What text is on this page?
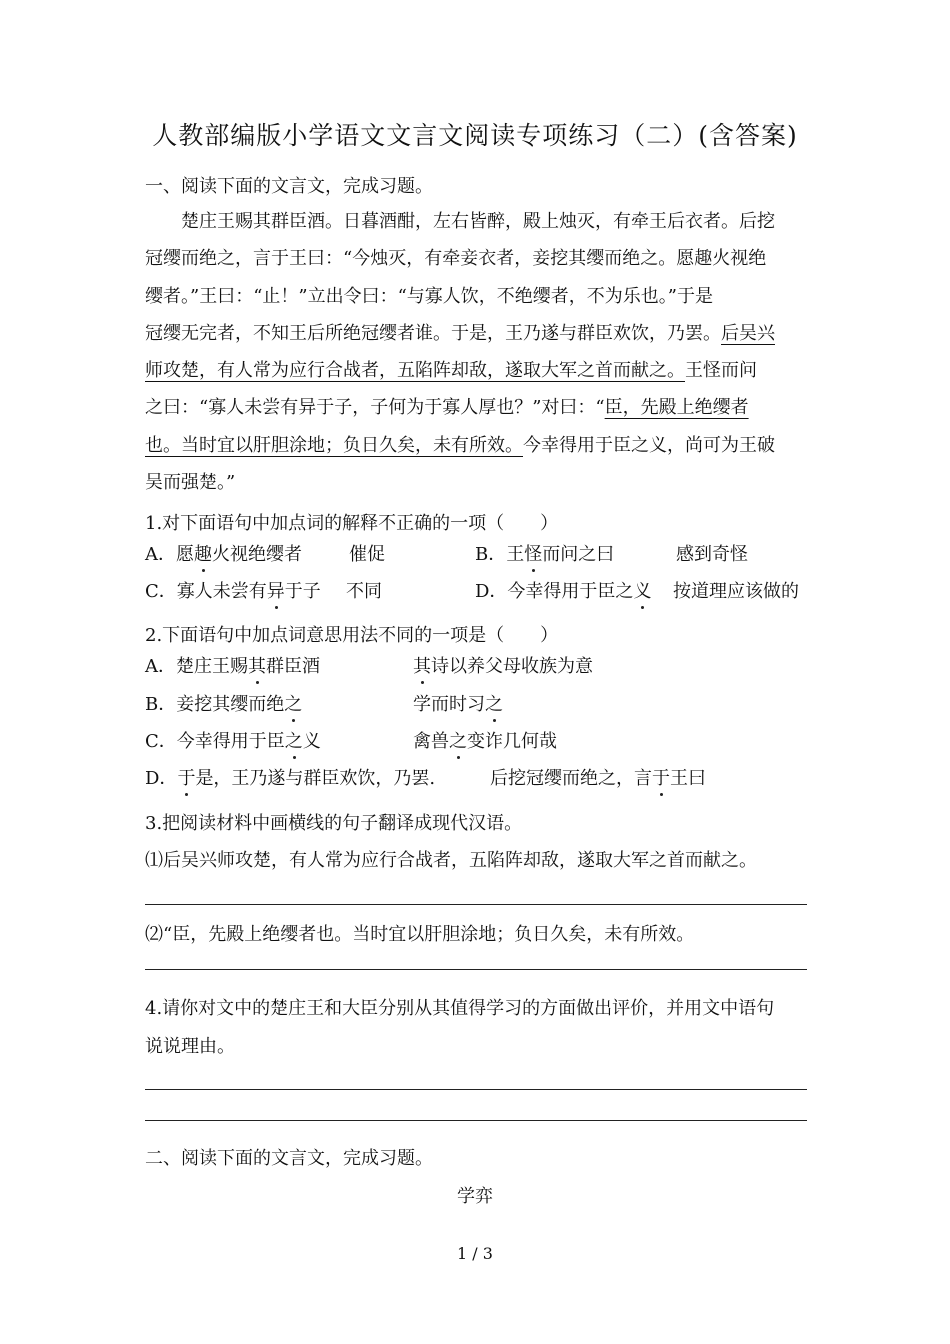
人教部编版小学语文文言文阅读专项练习（二）(含答案)
一、阅读下面的文言文，完成习题。
　　楚庄王赐其群臣酒。日暮酒酣，左右皆醉，殿上烛灭，有牵王后衣者。后挖
冠缨而绝之，言于王曰：“今烛灭，有牵妾衣者，妾挖其缨而绝之。愿趣火视绝
缨者。”王曰：“止！”立出令曰：“与寡人饮，不绝缨者，不为乐也。”于是
冠缨无完者，不知王后所绝冠缨者谁。于是，王乃遂与群臣欢饮，乃罢。后吴兴
师攻楚，有人常为应行合战者，五陷阵却敌，遂取大军之首而献之。王怪而问
之曰：“寡人未尝有异于子，子何为于寡人厚也？”对曰：“臣，先殿上绝缨者
也。当时宜以肝胆涂地；负日久矣，未有所效。今幸得用于臣之义，尚可为王破
吴而强楚。”
1.对下面语句中加点词的解释不正确的一项（　　）
A．愿趣火视绝缨者	催促	B．王怪而问之曰	感到奇怪
C．寡人未尝有异于子 不同	D．今幸得用于臣之义 按道理应该做的
2.下面语句中加点词意思用法不同的一项是（　　）
A．楚庄王赐其群臣酒	其诗以养父母收族为意
B．妾挖其缨而绝之	学而时习之
C．今幸得用于臣之义	禽兽之变诈几何哉
D．于是，王乃遂与群臣欢饮，乃罢.	后挖冠缨而绝之，言于王曰
3.把阅读材料中画横线的句子翻译成现代汉语。
⑴后吴兴师攻楚，有人常为应行合战者，五陷阵却敌，遂取大军之首而献之。
⑵“臣，先殿上绝缨者也。当时宜以肝胆涂地；负日久矣，未有所效。
4.请你对文中的楚庄王和大臣分别从其值得学习的方面做出评价，并用文中语句
说说理由。
二、阅读下面的文言文，完成习题。
学弈
1 / 3
